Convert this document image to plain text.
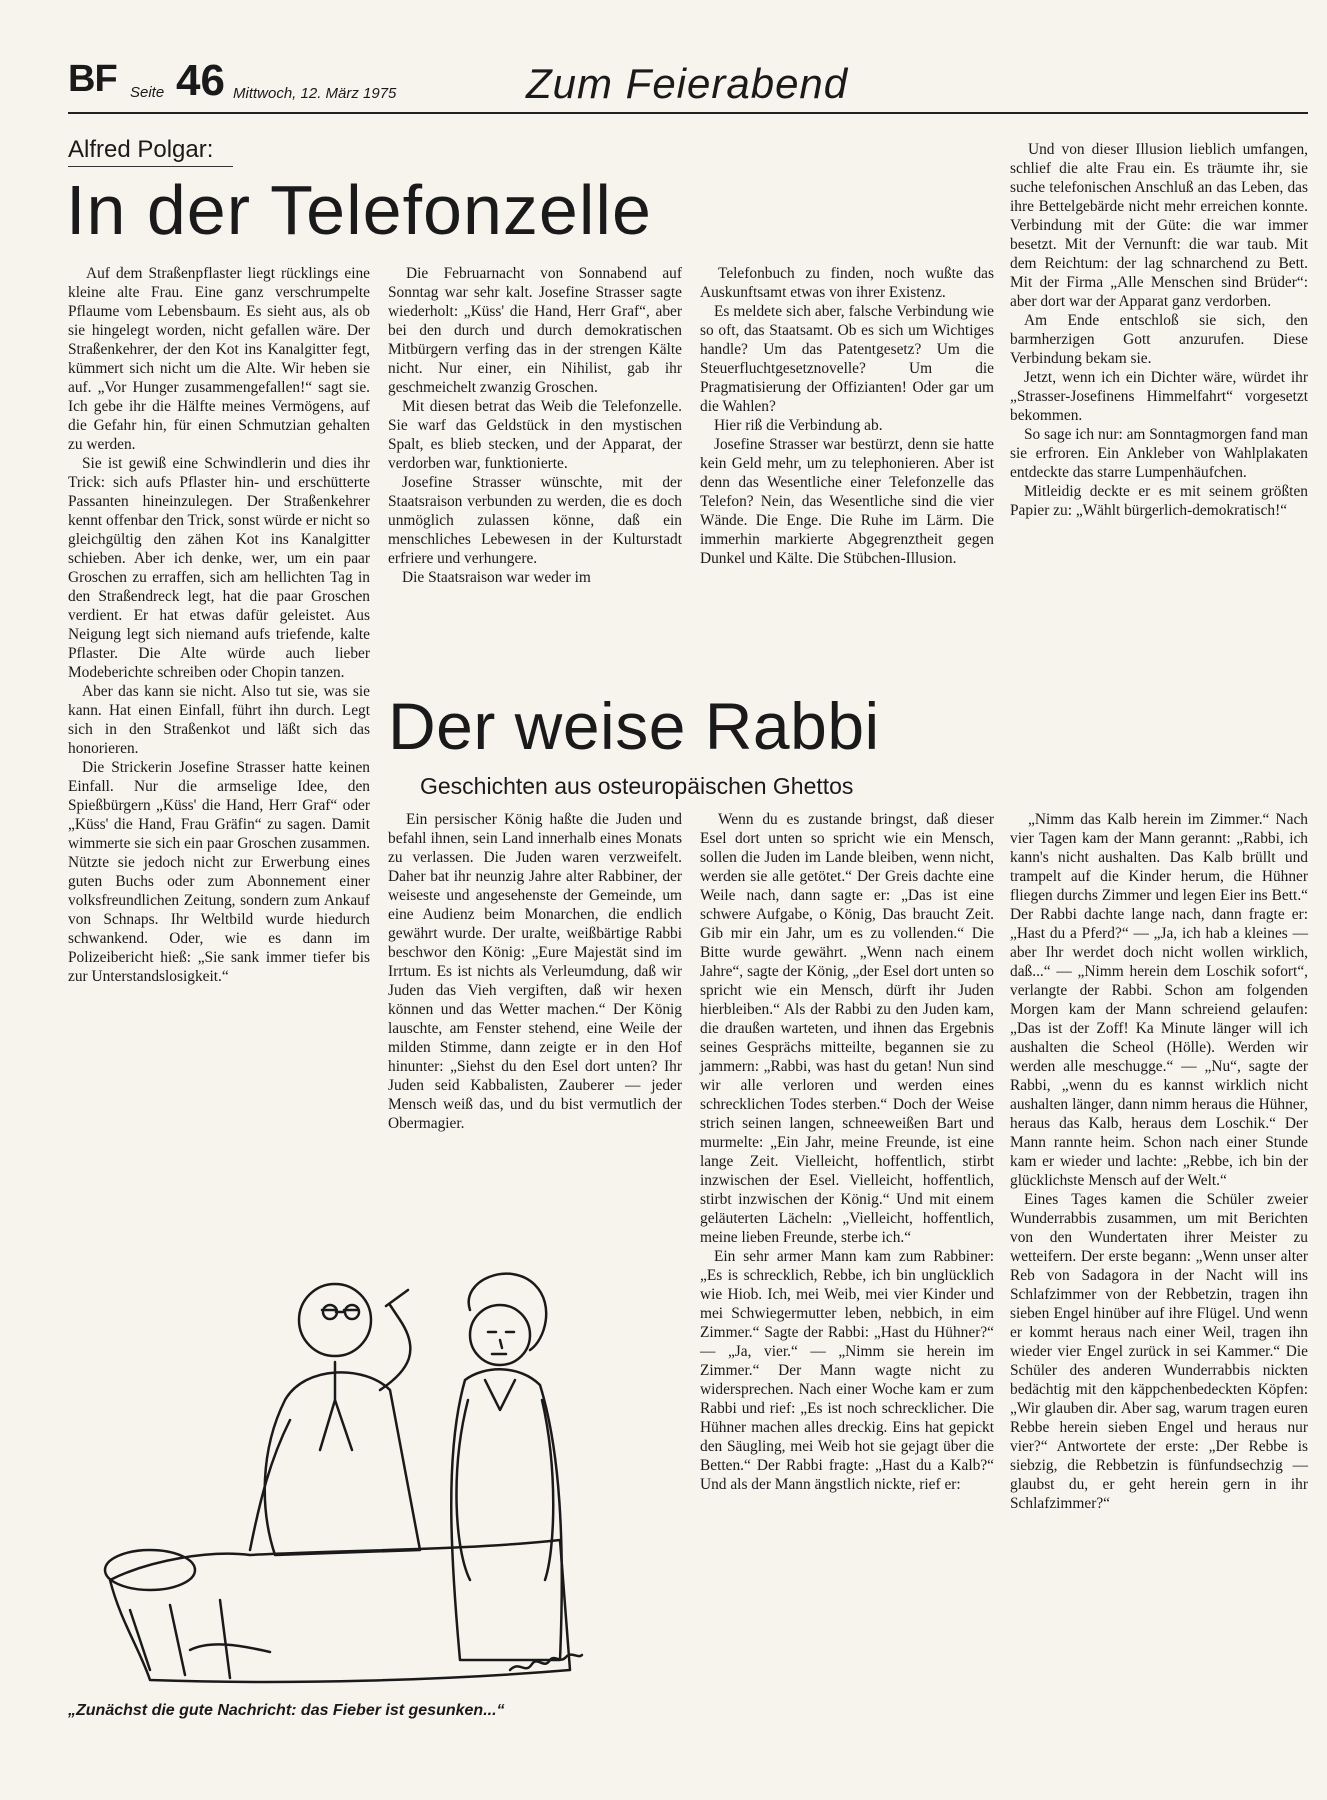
BF Seite 46 Mittwoch, 12. März 1975	Zum Feierabend
Alfred Polgar:
In der Telefonzelle

Auf dem Straßenpflaster liegt rücklings eine kleine alte Frau. Eine ganz verschrumpelte Pflaume vom Lebensbaum. Es sieht aus, als ob sie hingelegt worden, nicht gefallen wäre. Der Straßenkehrer, der den Kot ins Kanalgitter fegt, kümmert sich nicht um die Alte. Wir heben sie auf. „Vor Hunger zusammengefallen!“ sagt sie. Ich gebe ihr die Hälfte meines Vermögens, auf die Gefahr hin, für einen Schmutzian gehalten zu werden.

Sie ist gewiß eine Schwindlerin und dies ihr Trick: sich aufs Pflaster hin- und erschütterte Passanten hineinzulegen. Der Straßenkehrer kennt offenbar den Trick, sonst würde er nicht so gleichgültig den zähen Kot ins Kanalgitter schieben. Aber ich denke, wer, um ein paar Groschen zu erraffen, sich am hellichten Tag in den Straßendreck legt, hat die paar Groschen verdient. Er hat etwas dafür geleistet. Aus Neigung legt sich niemand aufs triefende, kalte Pflaster. Die Alte würde auch lieber Modeberichte schreiben oder Chopin tanzen.

Aber das kann sie nicht. Also tut sie, was sie kann. Hat einen Einfall, führt ihn durch. Legt sich in den Straßenkot und läßt sich das honorieren.

Die Strickerin Josefine Strasser hatte keinen Einfall. Nur die armselige Idee, den Spießbürgern „Küss' die Hand, Herr Graf“ oder „Küss' die Hand, Frau Gräfin“ zu sagen. Damit wimmerte sie sich ein paar Groschen zusammen. Nützte sie jedoch nicht zur Erwerbung eines guten Buchs oder zum Abonnement einer volksfreundlichen Zeitung, sondern zum Ankauf von Schnaps. Ihr Weltbild wurde hiedurch schwankend. Oder, wie es dann im Polizeibericht hieß: „Sie sank immer tiefer bis zur Unterstandslosigkeit.“

Die Februarnacht von Sonnabend auf Sonntag war sehr kalt. Josefine Strasser sagte wiederholt: „Küss' die Hand, Herr Graf“, aber bei den durch und durch demokratischen Mitbürgern verfing das in der strengen Kälte nicht. Nur einer, ein Nihilist, gab ihr geschmeichelt zwanzig Groschen.

Mit diesen betrat das Weib die Telefonzelle. Sie warf das Geldstück in den mystischen Spalt, es blieb stecken, und der Apparat, der verdorben war, funktionierte.

Josefine Strasser wünschte, mit der Staatsraison verbunden zu werden, die es doch unmöglich zulassen könne, daß ein menschliches Lebewesen in der Kulturstadt erfriere und verhungere.

Die Staatsraison war weder im

Telefonbuch zu finden, noch wußte das Auskunftsamt etwas von ihrer Existenz.

Es meldete sich aber, falsche Verbindung wie so oft, das Staatsamt. Ob es sich um Wichtiges handle? Um das Patentgesetz? Um die Steuerfluchtgesetznovelle? Um die Pragmatisierung der Offizianten! Oder gar um die Wahlen?

Hier riß die Verbindung ab.

Josefine Strasser war bestürzt, denn sie hatte kein Geld mehr, um zu telephonieren. Aber ist denn das Wesentliche einer Telefonzelle das Telefon? Nein, das Wesentliche sind die vier Wände. Die Enge. Die Ruhe im Lärm. Die immerhin markierte Abgegrenztheit gegen Dunkel und Kälte. Die Stübchen-Illusion.

Und von dieser Illusion lieblich umfangen, schlief die alte Frau ein. Es träumte ihr, sie suche telefonischen Anschluß an das Leben, das ihre Bettelgebärde nicht mehr erreichen konnte. Verbindung mit der Güte: die war immer besetzt. Mit der Vernunft: die war taub. Mit dem Reichtum: der lag schnarchend zu Bett. Mit der Firma „Alle Menschen sind Brüder“: aber dort war der Apparat ganz verdorben.

Am Ende entschloß sie sich, den barmherzigen Gott anzurufen. Diese Verbindung bekam sie.

Jetzt, wenn ich ein Dichter wäre, würdet ihr „Strasser-Josefinens Himmelfahrt“ vorgesetzt bekommen.

So sage ich nur: am Sonntagmorgen fand man sie erfroren. Ein Ankleber von Wahlplakaten entdeckte das starre Lumpenhäufchen.

Mitleidig deckte er es mit seinem größten Papier zu: „Wählt bürgerlich-demokratisch!“

Der weise Rabbi
Geschichten aus osteuropäischen Ghettos

Ein persischer König haßte die Juden und befahl ihnen, sein Land innerhalb eines Monats zu verlassen. Die Juden waren verzweifelt. Daher bat ihr neunzig Jahre alter Rabbiner, der weiseste und angesehenste der Gemeinde, um eine Audienz beim Monarchen, die endlich gewährt wurde. Der uralte, weißbärtige Rabbi beschwor den König: „Eure Majestät sind im Irrtum. Es ist nichts als Verleumdung, daß wir Juden das Vieh vergiften, daß wir hexen können und das Wetter machen.“ Der König lauschte, am Fenster stehend, eine Weile der milden Stimme, dann zeigte er in den Hof hinunter: „Siehst du den Esel dort unten? Ihr Juden seid Kabbalisten, Zauberer — jeder Mensch weiß das, und du bist vermutlich der Obermagier.

Wenn du es zustande bringst, daß dieser Esel dort unten so spricht wie ein Mensch, sollen die Juden im Lande bleiben, wenn nicht, werden sie alle getötet.“ Der Greis dachte eine Weile nach, dann sagte er: „Das ist eine schwere Aufgabe, o König, Das braucht Zeit. Gib mir ein Jahr, um es zu vollenden.“ Die Bitte wurde gewährt. „Wenn nach einem Jahre“, sagte der König, „der Esel dort unten so spricht wie ein Mensch, dürft ihr Juden hierbleiben.“ Als der Rabbi zu den Juden kam, die draußen warteten, und ihnen das Ergebnis seines Gesprächs mitteilte, begannen sie zu jammern: „Rabbi, was hast du getan! Nun sind wir alle verloren und werden eines schrecklichen Todes sterben.“ Doch der Weise strich seinen langen, schneeweißen Bart und murmelte: „Ein Jahr, meine Freunde, ist eine lange Zeit. Vielleicht, hoffentlich, stirbt inzwischen der Esel. Vielleicht, hoffentlich, stirbt inzwischen der König.“ Und mit einem geläuterten Lächeln: „Vielleicht, hoffentlich, meine lieben Freunde, sterbe ich.“

Ein sehr armer Mann kam zum Rabbiner: „Es is schrecklich, Rebbe, ich bin unglücklich wie Hiob. Ich, mei Weib, mei vier Kinder und mei Schwiegermutter leben, nebbich, in eim Zimmer.“ Sagte der Rabbi: „Hast du Hühner?“ — „Ja, vier.“ — „Nimm sie herein im Zimmer.“ Der Mann wagte nicht zu widersprechen. Nach einer Woche kam er zum Rabbi und rief: „Es ist noch schrecklicher. Die Hühner machen alles dreckig. Eins hat gepickt den Säugling, mei Weib hot sie gejagt über die Betten.“ Der Rabbi fragte: „Hast du a Kalb?“ Und als der Mann ängstlich nickte, rief er:

„Nimm das Kalb herein im Zimmer.“ Nach vier Tagen kam der Mann gerannt: „Rabbi, ich kann's nicht aushalten. Das Kalb brüllt und trampelt auf die Kinder herum, die Hühner fliegen durchs Zimmer und legen Eier ins Bett.“ Der Rabbi dachte lange nach, dann fragte er: „Hast du a Pferd?“ — „Ja, ich hab a kleines — aber Ihr werdet doch nicht wollen wirklich, daß...“ — „Nimm herein dem Loschik sofort“, verlangte der Rabbi. Schon am folgenden Morgen kam der Mann schreiend gelaufen: „Das ist der Zoff! Ka Minute länger will ich aushalten die Scheol (Hölle). Werden wir werden alle meschugge.“ — „Nu“, sagte der Rabbi, „wenn du es kannst wirklich nicht aushalten länger, dann nimm heraus die Hühner, heraus das Kalb, heraus dem Loschik.“ Der Mann rannte heim. Schon nach einer Stunde kam er wieder und lachte: „Rebbe, ich bin der glücklichste Mensch auf der Welt.“

Eines Tages kamen die Schüler zweier Wunderrabbis zusammen, um mit Berichten von den Wundertaten ihrer Meister zu wetteifern. Der erste begann: „Wenn unser alter Reb von Sadagora in der Nacht will ins Schlafzimmer von der Rebbetzin, tragen ihn sieben Engel hinüber auf ihre Flügel. Und wenn er kommt heraus nach einer Weil, tragen ihn wieder vier Engel zurück in sei Kammer.“ Die Schüler des anderen Wunderrabbis nickten bedächtig mit den käppchenbedeckten Köpfen: „Wir glauben dir. Aber sag, warum tragen euren Rebbe herein sieben Engel und heraus nur vier?“ Antwortete der erste: „Der Rebbe is siebzig, die Rebbetzin is fünfundsechzig — glaubst du, er geht herein gern in ihr Schlafzimmer?“

„Zunächst die gute Nachricht: das Fieber ist gesunken...“
